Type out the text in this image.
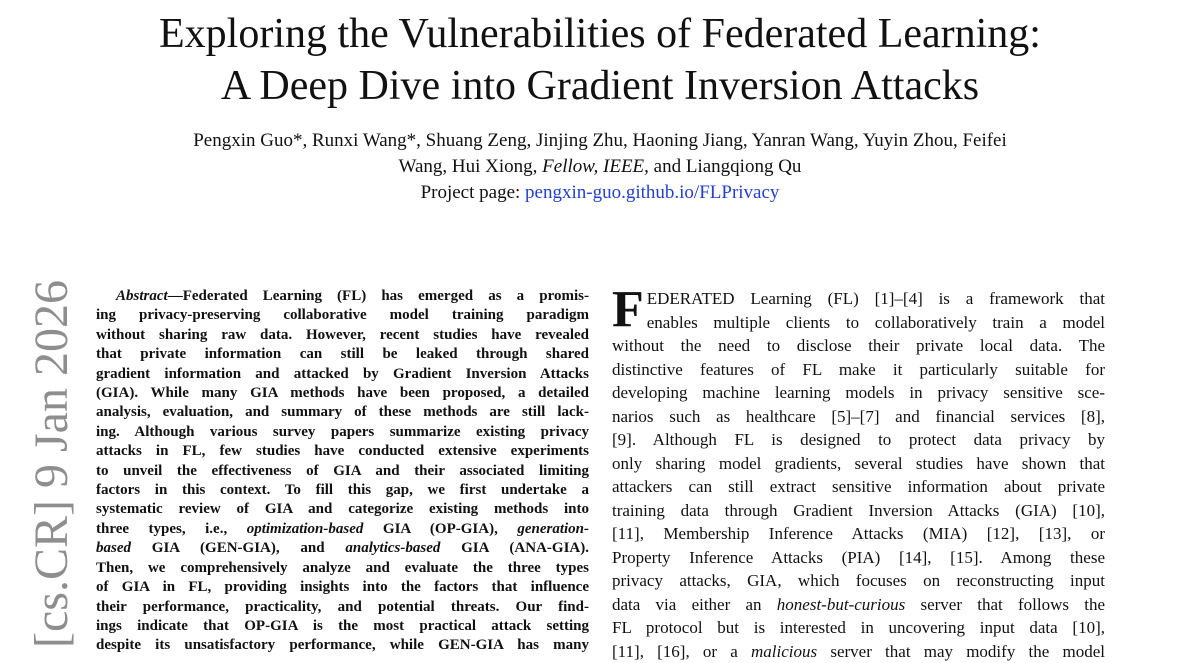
Exploring the Vulnerabilities of Federated Learning:
A Deep Dive into Gradient Inversion Attacks
Pengxin Guo*, Runxi Wang*, Shuang Zeng, Jinjing Zhu, Haoning Jiang, Yanran Wang, Yuyin Zhou, Feifei
Wang, Hui Xiong, Fellow, IEEE, and Liangqiong Qu
Project page: pengxin-guo.github.io/FLPrivacy
[cs.CR] 9 Jan 2026	Abstract—Federated Learning (FL) has emerged as a promis-
ing privacy-preserving collaborative model training paradigm
without sharing raw data. However, recent studies have revealed
that private information can still be leaked through shared
gradient information and attacked by Gradient Inversion Attacks
(GIA). While many GIA methods have been proposed, a detailed
analysis, evaluation, and summary of these methods are still lack-
ing. Although various survey papers summarize existing privacy
attacks in FL, few studies have conducted extensive experiments
to unveil the effectiveness of GIA and their associated limiting
factors in this context. To fill this gap, we first undertake a
systematic review of GIA and categorize existing methods into
three types, i.e., optimization-based GIA (OP-GIA), generation-
based GIA (GEN-GIA), and analytics-based GIA (ANA-GIA).
Then, we comprehensively analyze and evaluate the three types
of GIA in FL, providing insights into the factors that influence
their performance, practicality, and potential threats. Our find-
ings indicate that OP-GIA is the most practical attack setting
despite its unsatisfactory performance, while GEN-GIA has many
F EDERATED Learning (FL) [1]–[4] is a framework that
enables multiple clients to collaboratively train a model
without the need to disclose their private local data. The
distinctive features of FL make it particularly suitable for
developing machine learning models in privacy sensitive sce-
narios such as healthcare [5]–[7] and financial services [8],
[9]. Although FL is designed to protect data privacy by
only sharing model gradients, several studies have shown that
attackers can still extract sensitive information about private
training data through Gradient Inversion Attacks (GIA) [10],
[11], Membership Inference Attacks (MIA) [12], [13], or
Property Inference Attacks (PIA) [14], [15]. Among these
privacy attacks, GIA, which focuses on reconstructing input
data via either an honest-but-curious server that follows the
FL protocol but is interested in uncovering input data [10],
[11], [16], or a malicious server that may modify the model
